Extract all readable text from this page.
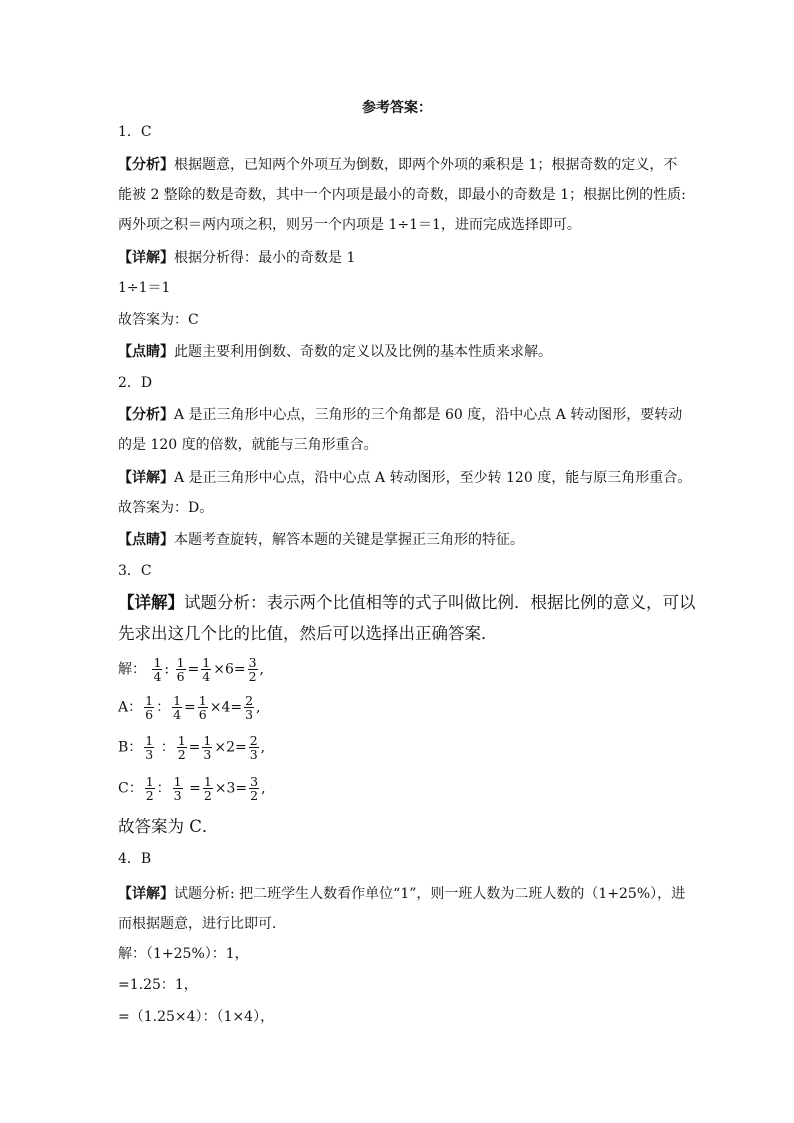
参考答案：
1．C
【分析】根据题意，已知两个外项互为倒数，即两个外项的乘积是 1；根据奇数的定义，不
能被 2 整除的数是奇数，其中一个内项是最小的奇数，即最小的奇数是 1；根据比例的性质:
两外项之积＝两内项之积，则另一个内项是 1÷1＝1，进而完成选择即可。
【详解】根据分析得：最小的奇数是 1
1÷1＝1
故答案为：C
【点睛】此题主要利用倒数、奇数的定义以及比例的基本性质来求解。
2．D
【分析】A 是正三角形中心点，三角形的三个角都是 60 度，沿中心点 A 转动图形，要转动
的是 120 度的倍数，就能与三角形重合。
【详解】A 是正三角形中心点，沿中心点 A 转动图形，至少转 120 度，能与原三角形重合。
故答案为：D。
【点睛】本题考查旋转，解答本题的关键是掌握正三角形的特征。
3．C
【详解】试题分析：表示两个比值相等的式子叫做比例．根据比例的意义，可以
先求出这几个比的比值，然后可以选择出正确答案．
解： $\frac{1}{4}$ : $\frac{1}{6} = \frac{1}{4} \times 6= \frac{3}{2}$ ,
A： $\frac{1}{6}$ ： $\frac{1}{4} = \frac{1}{6} \times 4= \frac{2}{3}$ ,
B： $\frac{1}{3}$ ： $\frac{1}{2} = \frac{1}{3} \times 2= \frac{2}{3}$ ,
C： $\frac{1}{2}$ ： $\frac{1}{3} = \frac{1}{2} \times 3= \frac{3}{2}$ ,
故答案为 C．
4．B
【详解】试题分析: 把二班学生人数看作单位“1”，则一班人数为二班人数的（1+25%），进
而根据题意，进行比即可．
解：（1+25%）：1，
=1.25：1，
=（1.25×4）：（1×4），
